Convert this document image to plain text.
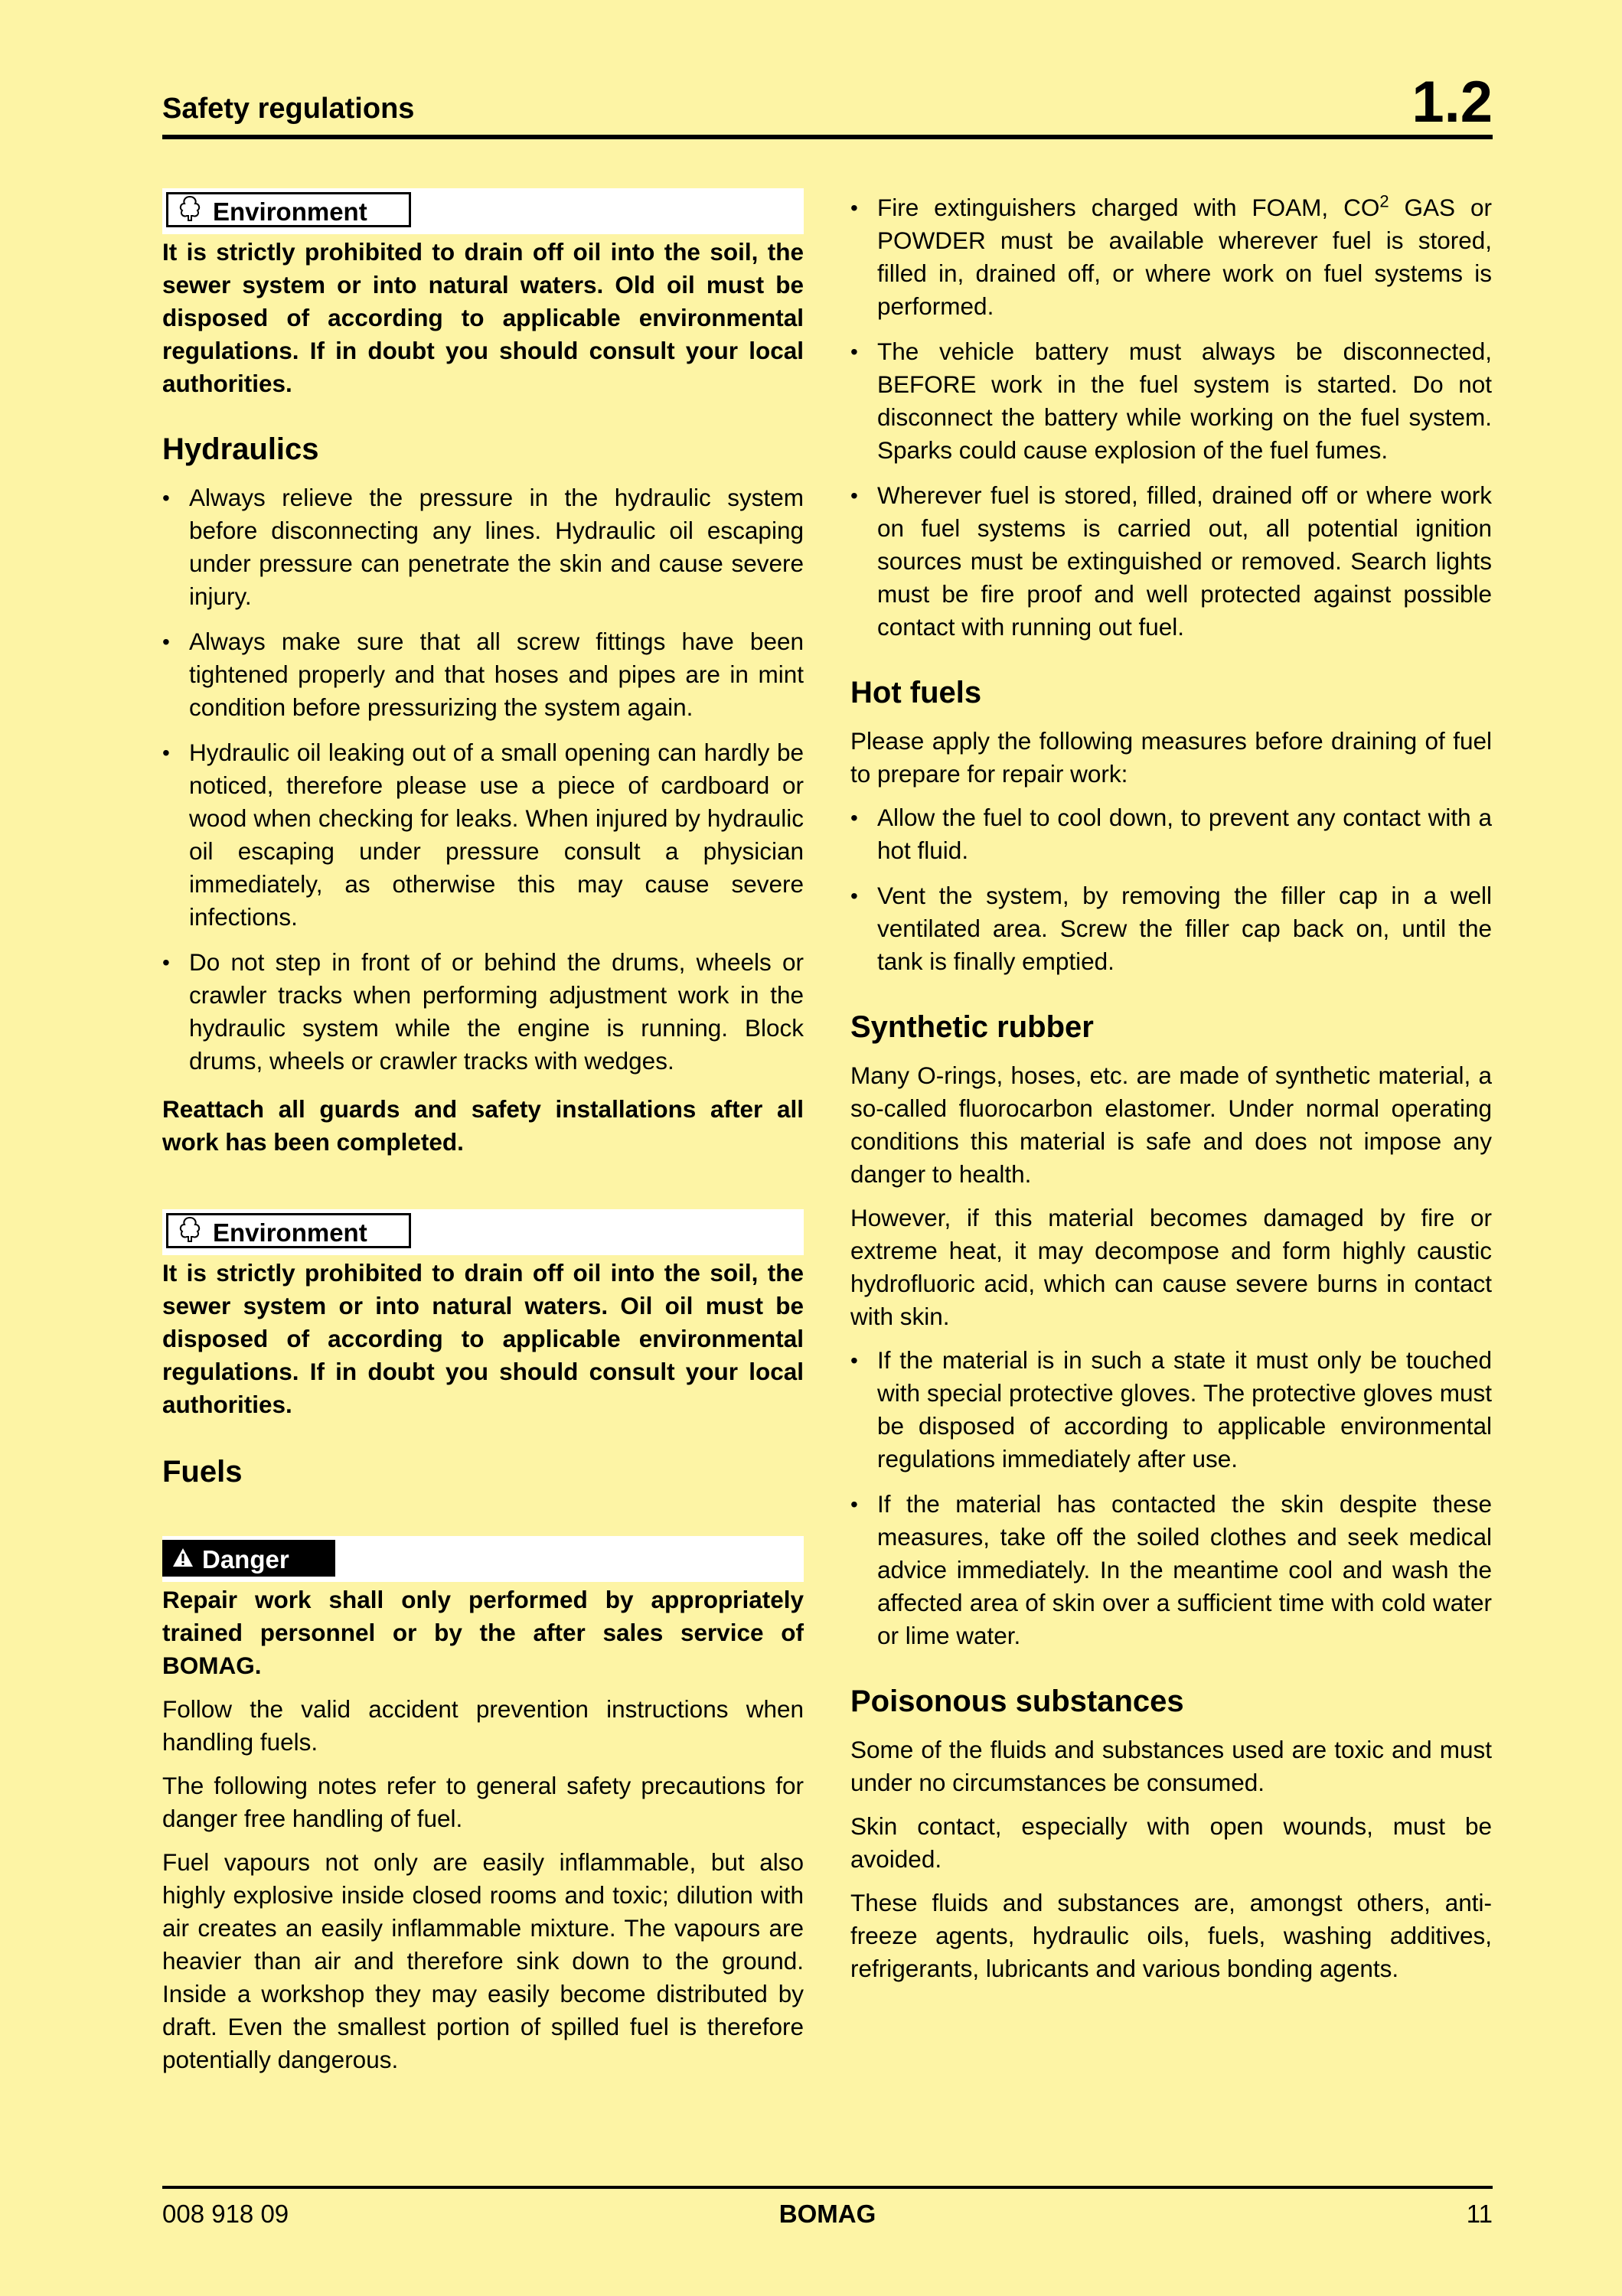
Safety regulations	1.2
Environment

It is strictly prohibited to drain off oil into the soil, the sewer system or into natural waters. Old oil must be disposed of according to applicable environmental regulations. If in doubt you should consult your local authorities.

Hydraulics
• Always relieve the pressure in the hydraulic system before disconnecting any lines. Hydraulic oil escaping under pressure can penetrate the skin and cause severe injury.
• Always make sure that all screw fittings have been tightened properly and that hoses and pipes are in mint condition before pressurizing the system again.
• Hydraulic oil leaking out of a small opening can hardly be noticed, therefore please use a piece of cardboard or wood when checking for leaks. When injured by hydraulic oil escaping under pressure consult a physician immediately, as otherwise this may cause severe infections.
• Do not step in front of or behind the drums, wheels or crawler tracks when performing adjustment work in the hydraulic system while the engine is running. Block drums, wheels or crawler tracks with wedges.

Reattach all guards and safety installations after all work has been completed.

Environment

It is strictly prohibited to drain off oil into the soil, the sewer system or into natural waters. Oil oil must be disposed of according to applicable environmental regulations. If in doubt you should consult your local authorities.

Fuels
Danger

Repair work shall only performed by appropriately trained personnel or by the after sales service of BOMAG.

Follow the valid accident prevention instructions when handling fuels.

The following notes refer to general safety precautions for danger free handling of fuel.

Fuel vapours not only are easily inflammable, but also highly explosive inside closed rooms and toxic; dilution with air creates an easily inflammable mixture. The vapours are heavier than air and therefore sink down to the ground. Inside a workshop they may easily become distributed by draft. Even the smallest portion of spilled fuel is therefore potentially dangerous.

• Fire extinguishers charged with FOAM, $CO^2$ GAS or POWDER must be available wherever fuel is stored, filled in, drained off, or where work on fuel systems is performed.
• The vehicle battery must always be disconnected, BEFORE work in the fuel system is started. Do not disconnect the battery while working on the fuel system. Sparks could cause explosion of the fuel fumes.
• Wherever fuel is stored, filled, drained off or where work on fuel systems is carried out, all potential ignition sources must be extinguished or removed. Search lights must be fire proof and well protected against possible contact with running out fuel.
Hot fuels

Please apply the following measures before draining of fuel to prepare for repair work:

• Allow the fuel to cool down, to prevent any contact with a hot fluid.
• Vent the system, by removing the filler cap in a well ventilated area. Screw the filler cap back on, until the tank is finally emptied.
Synthetic rubber

Many O-rings, hoses, etc. are made of synthetic material, a so-called fluorocarbon elastomer. Under normal operating conditions this material is safe and does not impose any danger to health.

However, if this material becomes damaged by fire or extreme heat, it may decompose and form highly caustic hydrofluoric acid, which can cause severe burns in contact with skin.

• If the material is in such a state it must only be touched with special protective gloves. The protective gloves must be disposed of according to applicable environmental regulations immediately after use.
• If the material has contacted the skin despite these measures, take off the soiled clothes and seek medical advice immediately. In the meantime cool and wash the affected area of skin over a sufficient time with cold water or lime water.
Poisonous substances

Some of the fluids and substances used are toxic and must under no circumstances be consumed.

Skin contact, especially with open wounds, must be avoided.

These fluids and substances are, amongst others, anti-freeze agents, hydraulic oils, fuels, washing additives, refrigerants, lubricants and various bonding agents.

008 918 09	BOMAG	11
